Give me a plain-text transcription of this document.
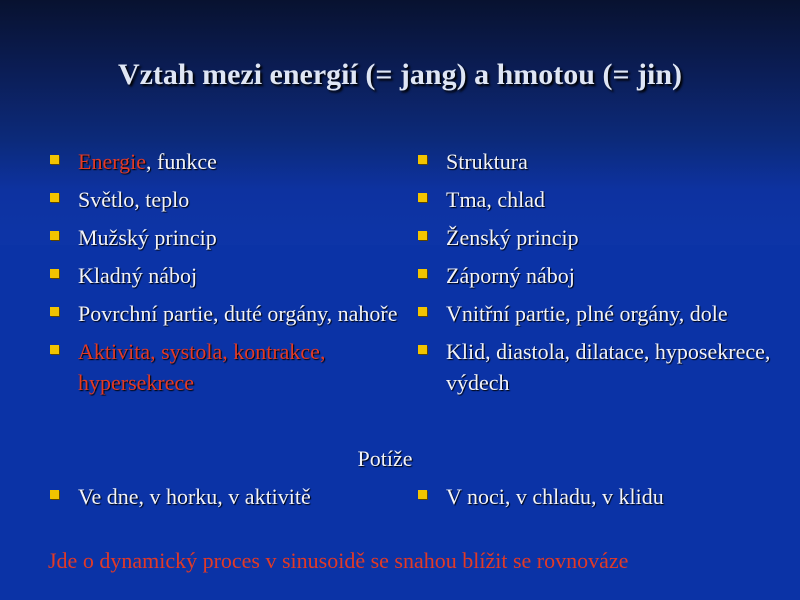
Vztah mezi energií (= jang) a hmotou (= jin)
Energie, funkce
Světlo, teplo
Mužský princip
Kladný náboj
Povrchní partie, duté orgány, nahoře
Aktivita, systola, kontrakce, hypersekrece
Struktura
Tma, chlad
Ženský princip
Záporný náboj
Vnitřní partie, plné orgány, dole
Klid, diastola, dilatace, hyposekrece, výdech
Potíže
Ve dne, v horku, v aktivitě	V noci, v chladu, v klidu
Jde o dynamický proces v sinusoidě se snahou blížit se rovnováze
